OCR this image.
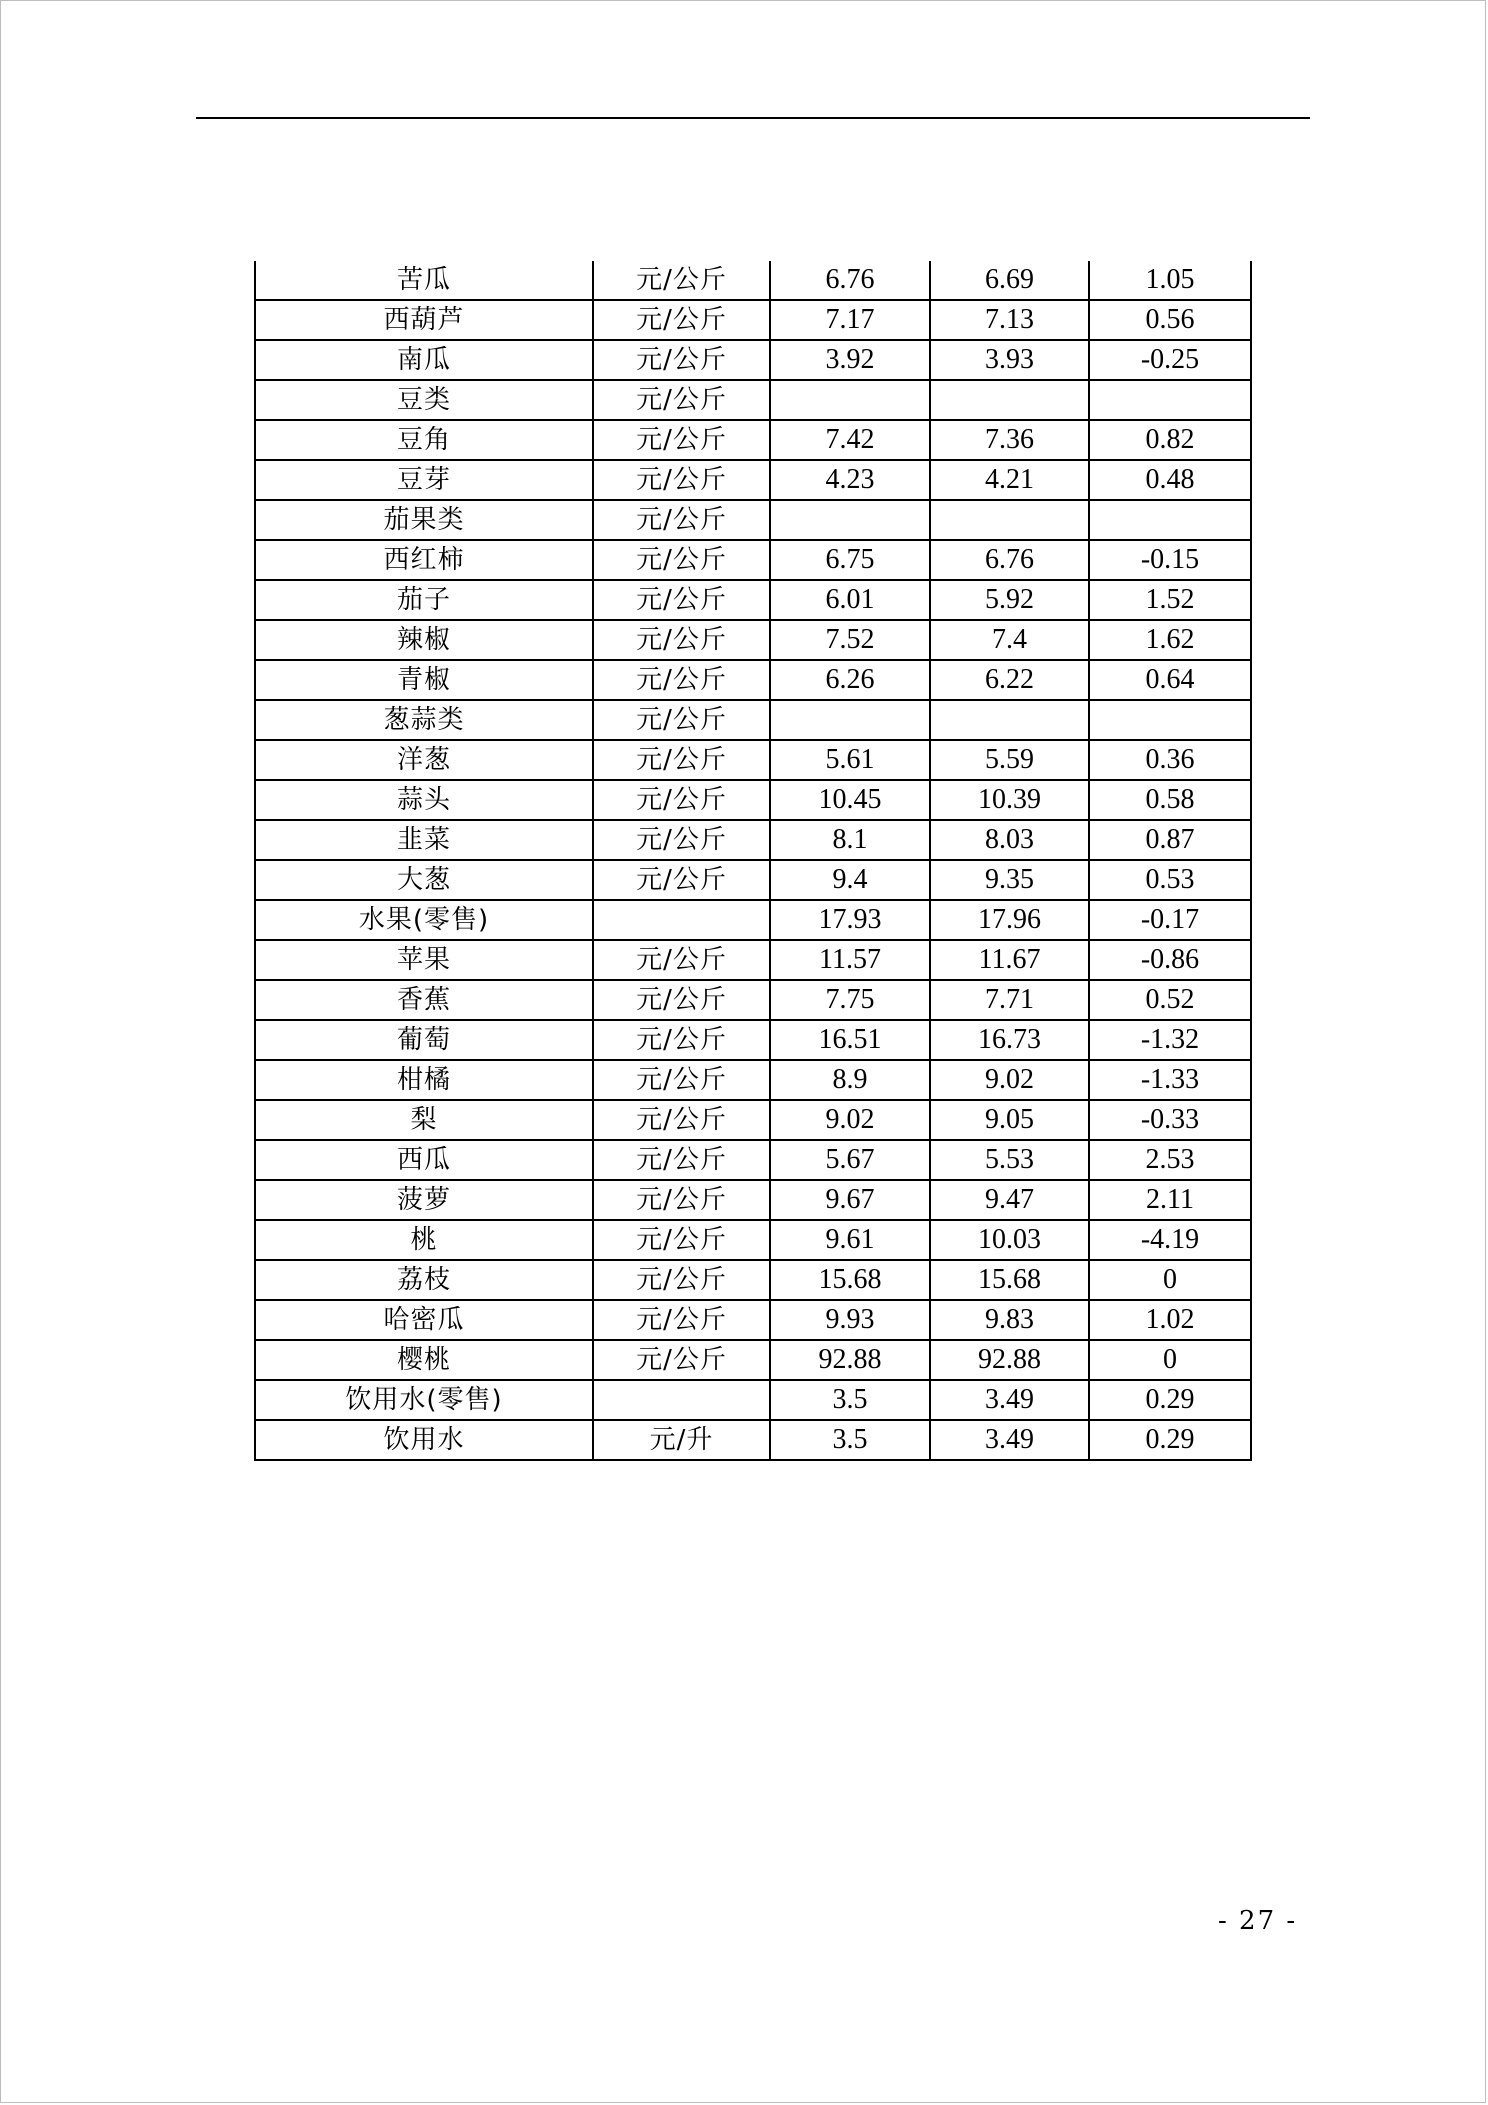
苦瓜	元/公斤	6.76	6.69	1.05
西葫芦	元/公斤	7.17	7.13	0.56
南瓜	元/公斤	3.92	3.93	-0.25
豆类	元/公斤			
豆角	元/公斤	7.42	7.36	0.82
豆芽	元/公斤	4.23	4.21	0.48
茄果类	元/公斤			
西红柿	元/公斤	6.75	6.76	-0.15
茄子	元/公斤	6.01	5.92	1.52
辣椒	元/公斤	7.52	7.4	1.62
青椒	元/公斤	6.26	6.22	0.64
葱蒜类	元/公斤			
洋葱	元/公斤	5.61	5.59	0.36
蒜头	元/公斤	10.45	10.39	0.58
韭菜	元/公斤	8.1	8.03	0.87
大葱	元/公斤	9.4	9.35	0.53
水果(零售)		17.93	17.96	-0.17
苹果	元/公斤	11.57	11.67	-0.86
香蕉	元/公斤	7.75	7.71	0.52
葡萄	元/公斤	16.51	16.73	-1.32
柑橘	元/公斤	8.9	9.02	-1.33
梨	元/公斤	9.02	9.05	-0.33
西瓜	元/公斤	5.67	5.53	2.53
菠萝	元/公斤	9.67	9.47	2.11
桃	元/公斤	9.61	10.03	-4.19
荔枝	元/公斤	15.68	15.68	0
哈密瓜	元/公斤	9.93	9.83	1.02
樱桃	元/公斤	92.88	92.88	0
饮用水(零售)		3.5	3.49	0.29
饮用水	元/升	3.5	3.49	0.29
- 27 -
